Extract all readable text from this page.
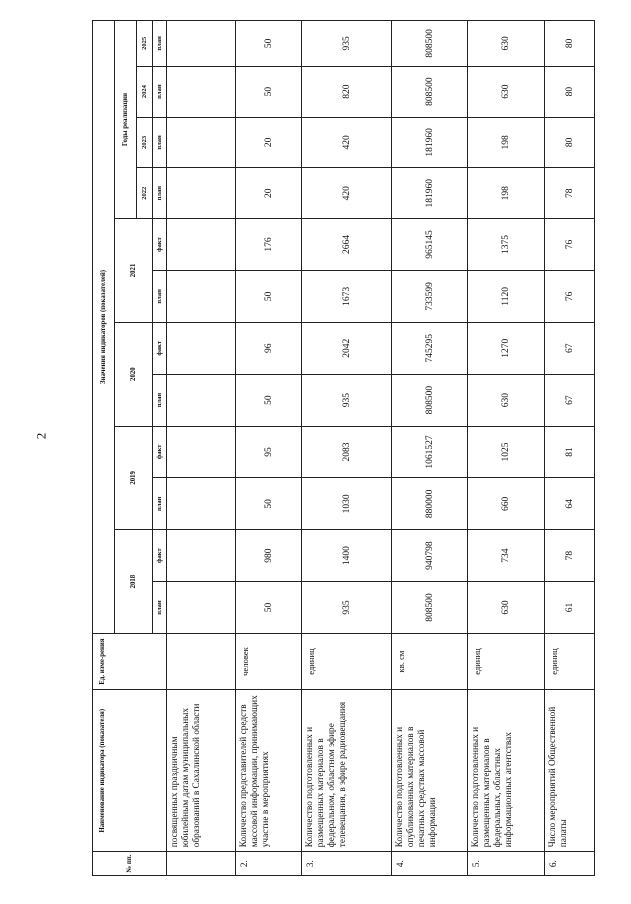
2
№ пп.	Наименование индикатора (показателя)	Ед. изме-рения	Значения индикаторов (показателей)											
			2018		2019		2020		2021		Годы реализации			
											2022	2023	2024	2025
			план	факт	план	факт	план	факт	план	факт	план	план	план	план
	посвященных праздничным юбилейным датам муниципальных образований в Сахалинской области													
2.	Количество представителей средств массовой информации, принимающих участие в мероприятиях	человек	50	980	50	95	50	96	50	176	20	20	50	50
3.	Количество подготовленных и размещенных материалов в федеральном, областном эфире телевещания, в эфире радиовещания	единиц	935	1400	1030	2083	935	2042	1673	2664	420	420	820	935
4.	Количество подготовленных и опубликованных материалов в печатных средствах массовой информации	кв. см	808500	940798	880000	1061527	808500	745295	733599	965145	181960	181960	808500	808500
5.	Количество подготовленных и размещенных материалов в федеральных, областных информационных агентствах	единиц	630	734	660	1025	630	1270	1120	1375	198	198	630	630
6.	Число мероприятий Общественной палаты	единиц	61	78	64	81	67	67	76	76	78	80	80	80
